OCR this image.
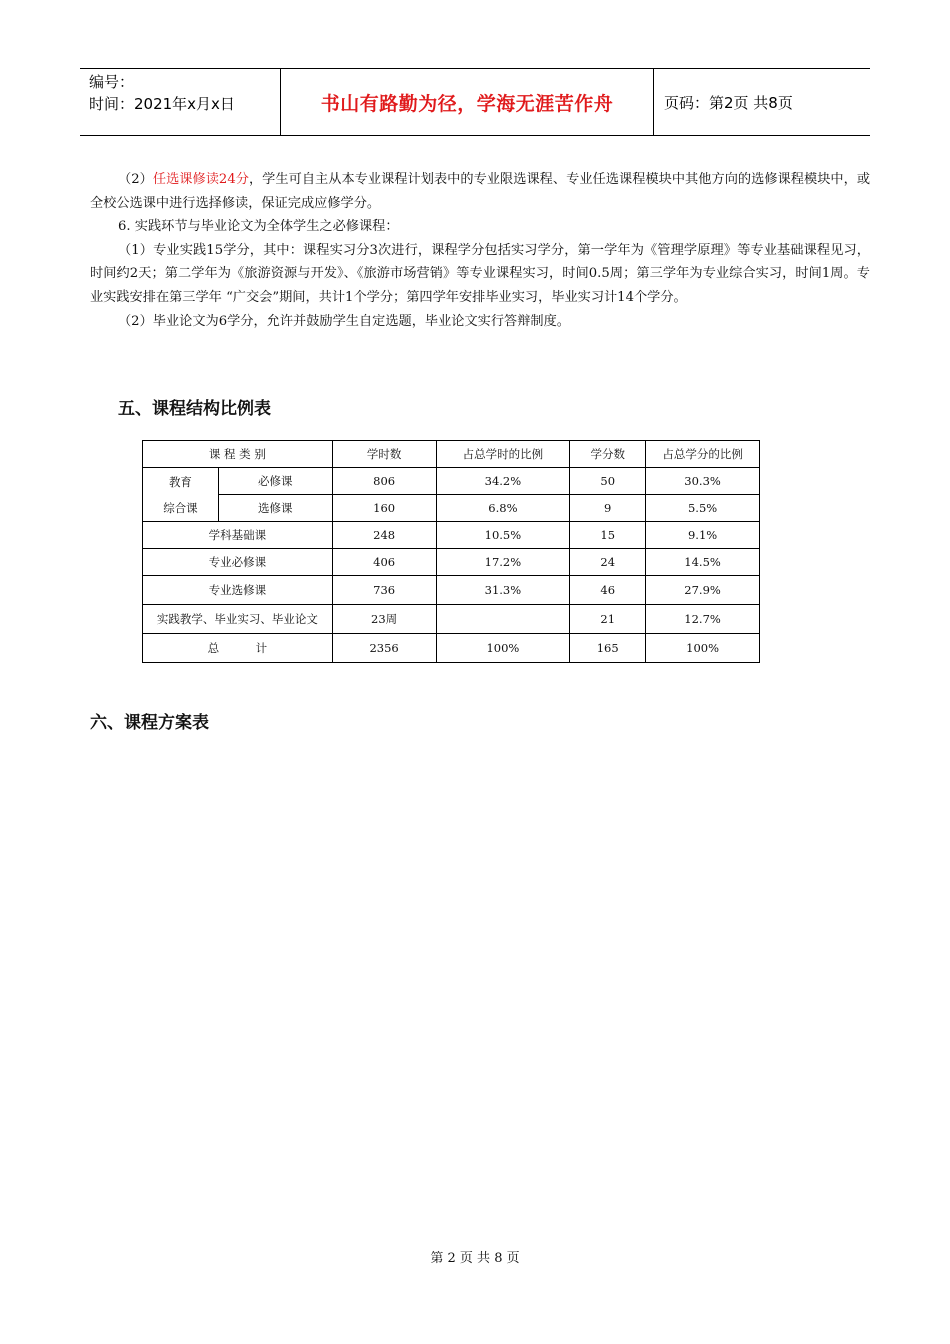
编号：
时间：2021年x月x日	书山有路勤为径，学海无涯苦作舟	页码：第2页 共8页

（2）任选课修读24分，学生可自主从本专业课程计划表中的专业限选课程、专业任选课程模块中其他方向的选修课程模块中，或全校公选课中进行选择修读，保证完成应修学分。

6. 实践环节与毕业论文为全体学生之必修课程：

（1）专业实践15学分，其中：课程实习分3次进行，课程学分包括实习学分，第一学年为《管理学原理》等专业基础课程见习，时间约2天；第二学年为《旅游资源与开发》、《旅游市场营销》等专业课程实习，时间0.5周；第三学年为专业综合实习，时间1周。专业实践安排在第三学年 “广交会”期间，共计1个学分；第四学年安排毕业实习，毕业实习计14个学分。

（2）毕业论文为6学分，允许并鼓励学生自定选题，毕业论文实行答辩制度。

五、课程结构比例表
课 程 类 别		学时数	占总学时的比例	学分数	占总学分的比例

教育
综合课	必修课	806	34.2%	50	30.3%
	选修课	160	6.8%	9	5.5%
学科基础课		248	10.5%	15	9.1%
专业必修课		406	17.2%	24	14.5%
专业选修课		736	31.3%	46	27.9%
实践教学、毕业实习、毕业论文		23周		21	12.7%
总          计		2356	100%	165	100%
六、课程方案表
第 2 页 共 8 页
